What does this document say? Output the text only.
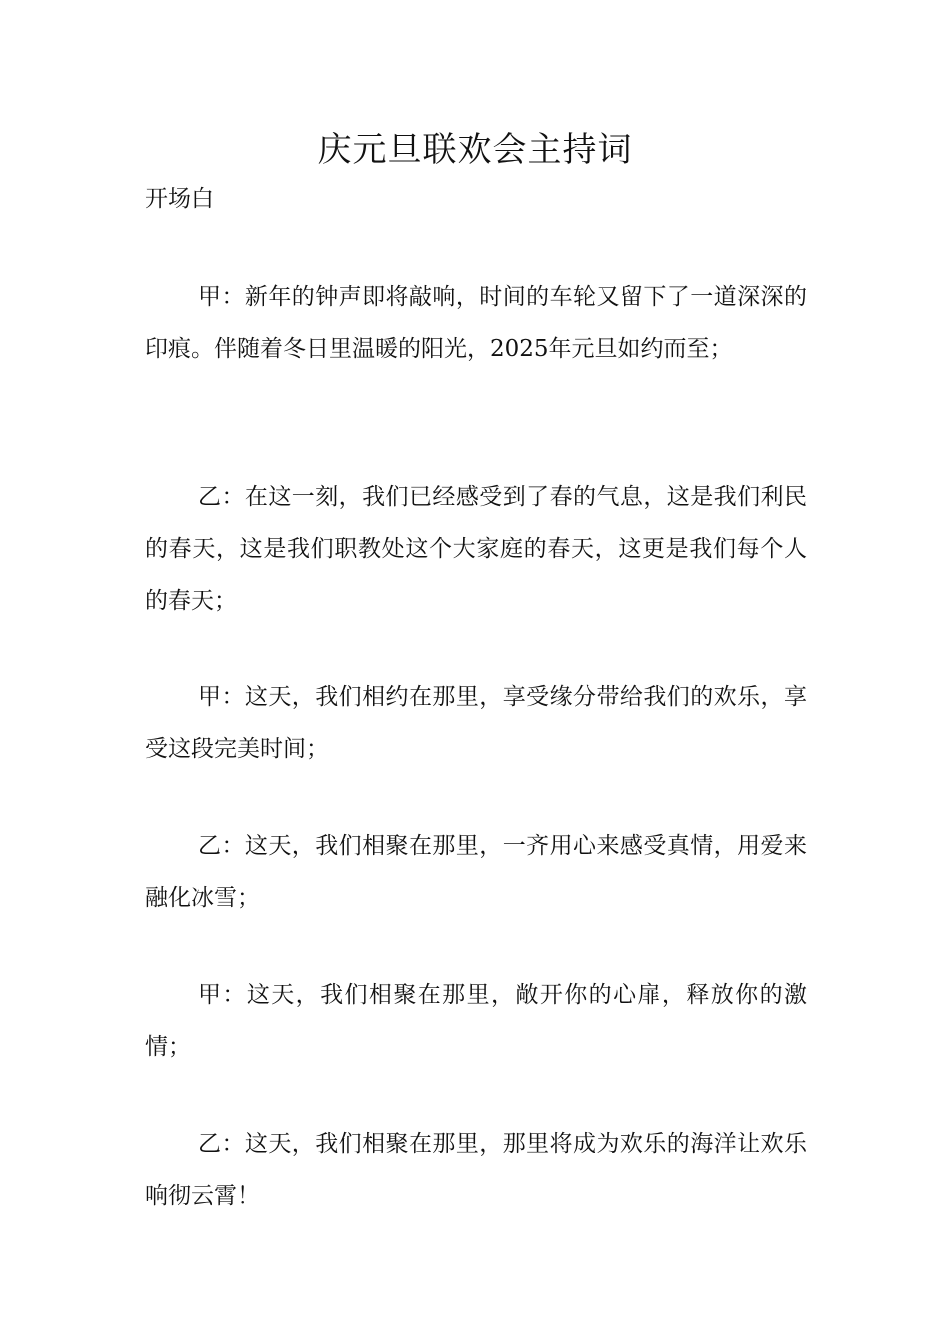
庆元旦联欢会主持词
开场白

甲：新年的钟声即将敲响，时间的车轮又留下了一道深深的印痕。伴随着冬日里温暖的阳光，2025年元旦如约而至；

乙：在这一刻，我们已经感受到了春的气息，这是我们利民的春天，这是我们职教处这个大家庭的春天，这更是我们每个人的春天；

甲：这天，我们相约在那里，享受缘分带给我们的欢乐，享受这段完美时间；

乙：这天，我们相聚在那里，一齐用心来感受真情，用爱来融化冰雪；

甲：这天，我们相聚在那里，敞开你的心扉，释放你的激情；

乙：这天，我们相聚在那里，那里将成为欢乐的海洋让欢乐响彻云霄！
